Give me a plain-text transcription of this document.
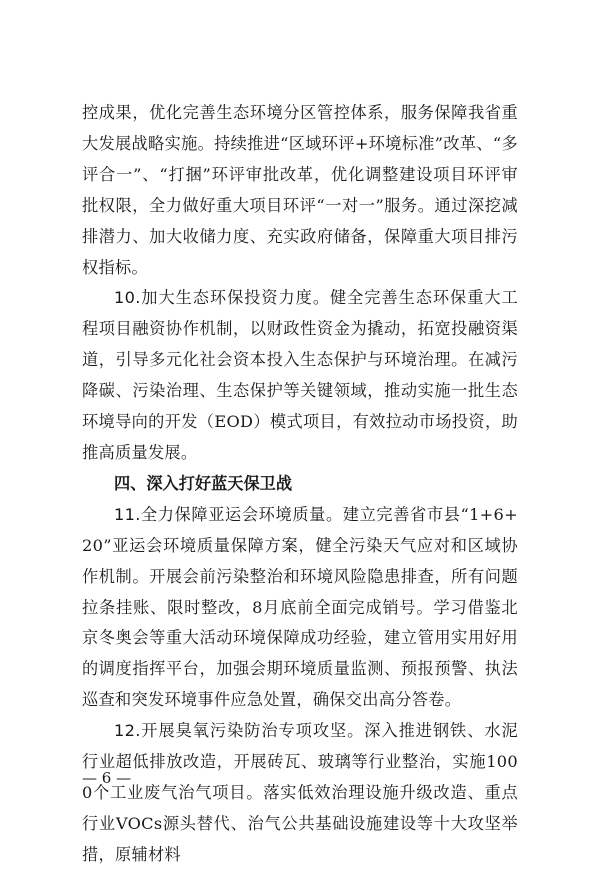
控成果，优化完善生态环境分区管控体系，服务保障我省重大发展战略实施。持续推进“区域环评+环境标准”改革、“多评合一”、“打捆”环评审批改革，优化调整建设项目环评审批权限，全力做好重大项目环评“一对一”服务。通过深挖减排潜力、加大收储力度、充实政府储备，保障重大项目排污权指标。

10.加大生态环保投资力度。健全完善生态环保重大工程项目融资协作机制，以财政性资金为撬动，拓宽投融资渠道，引导多元化社会资本投入生态保护与环境治理。在减污降碳、污染治理、生态保护等关键领域，推动实施一批生态环境导向的开发（EOD）模式项目，有效拉动市场投资，助推高质量发展。

四、深入打好蓝天保卫战

11.全力保障亚运会环境质量。建立完善省市县“1+6+20”亚运会环境质量保障方案，健全污染天气应对和区域协作机制。开展会前污染整治和环境风险隐患排查，所有问题拉条挂账、限时整改，8月底前全面完成销号。学习借鉴北京冬奥会等重大活动环境保障成功经验，建立管用实用好用的调度指挥平台，加强会期环境质量监测、预报预警、执法巡查和突发环境事件应急处置，确保交出高分答卷。

12.开展臭氧污染防治专项攻坚。深入推进钢铁、水泥行业超低排放改造，开展砖瓦、玻璃等行业整治，实施1000个工业废气治气项目。落实低效治理设施升级改造、重点行业VOCs源头替代、治气公共基础设施建设等十大攻坚举措，原辅材料

— 6 —
